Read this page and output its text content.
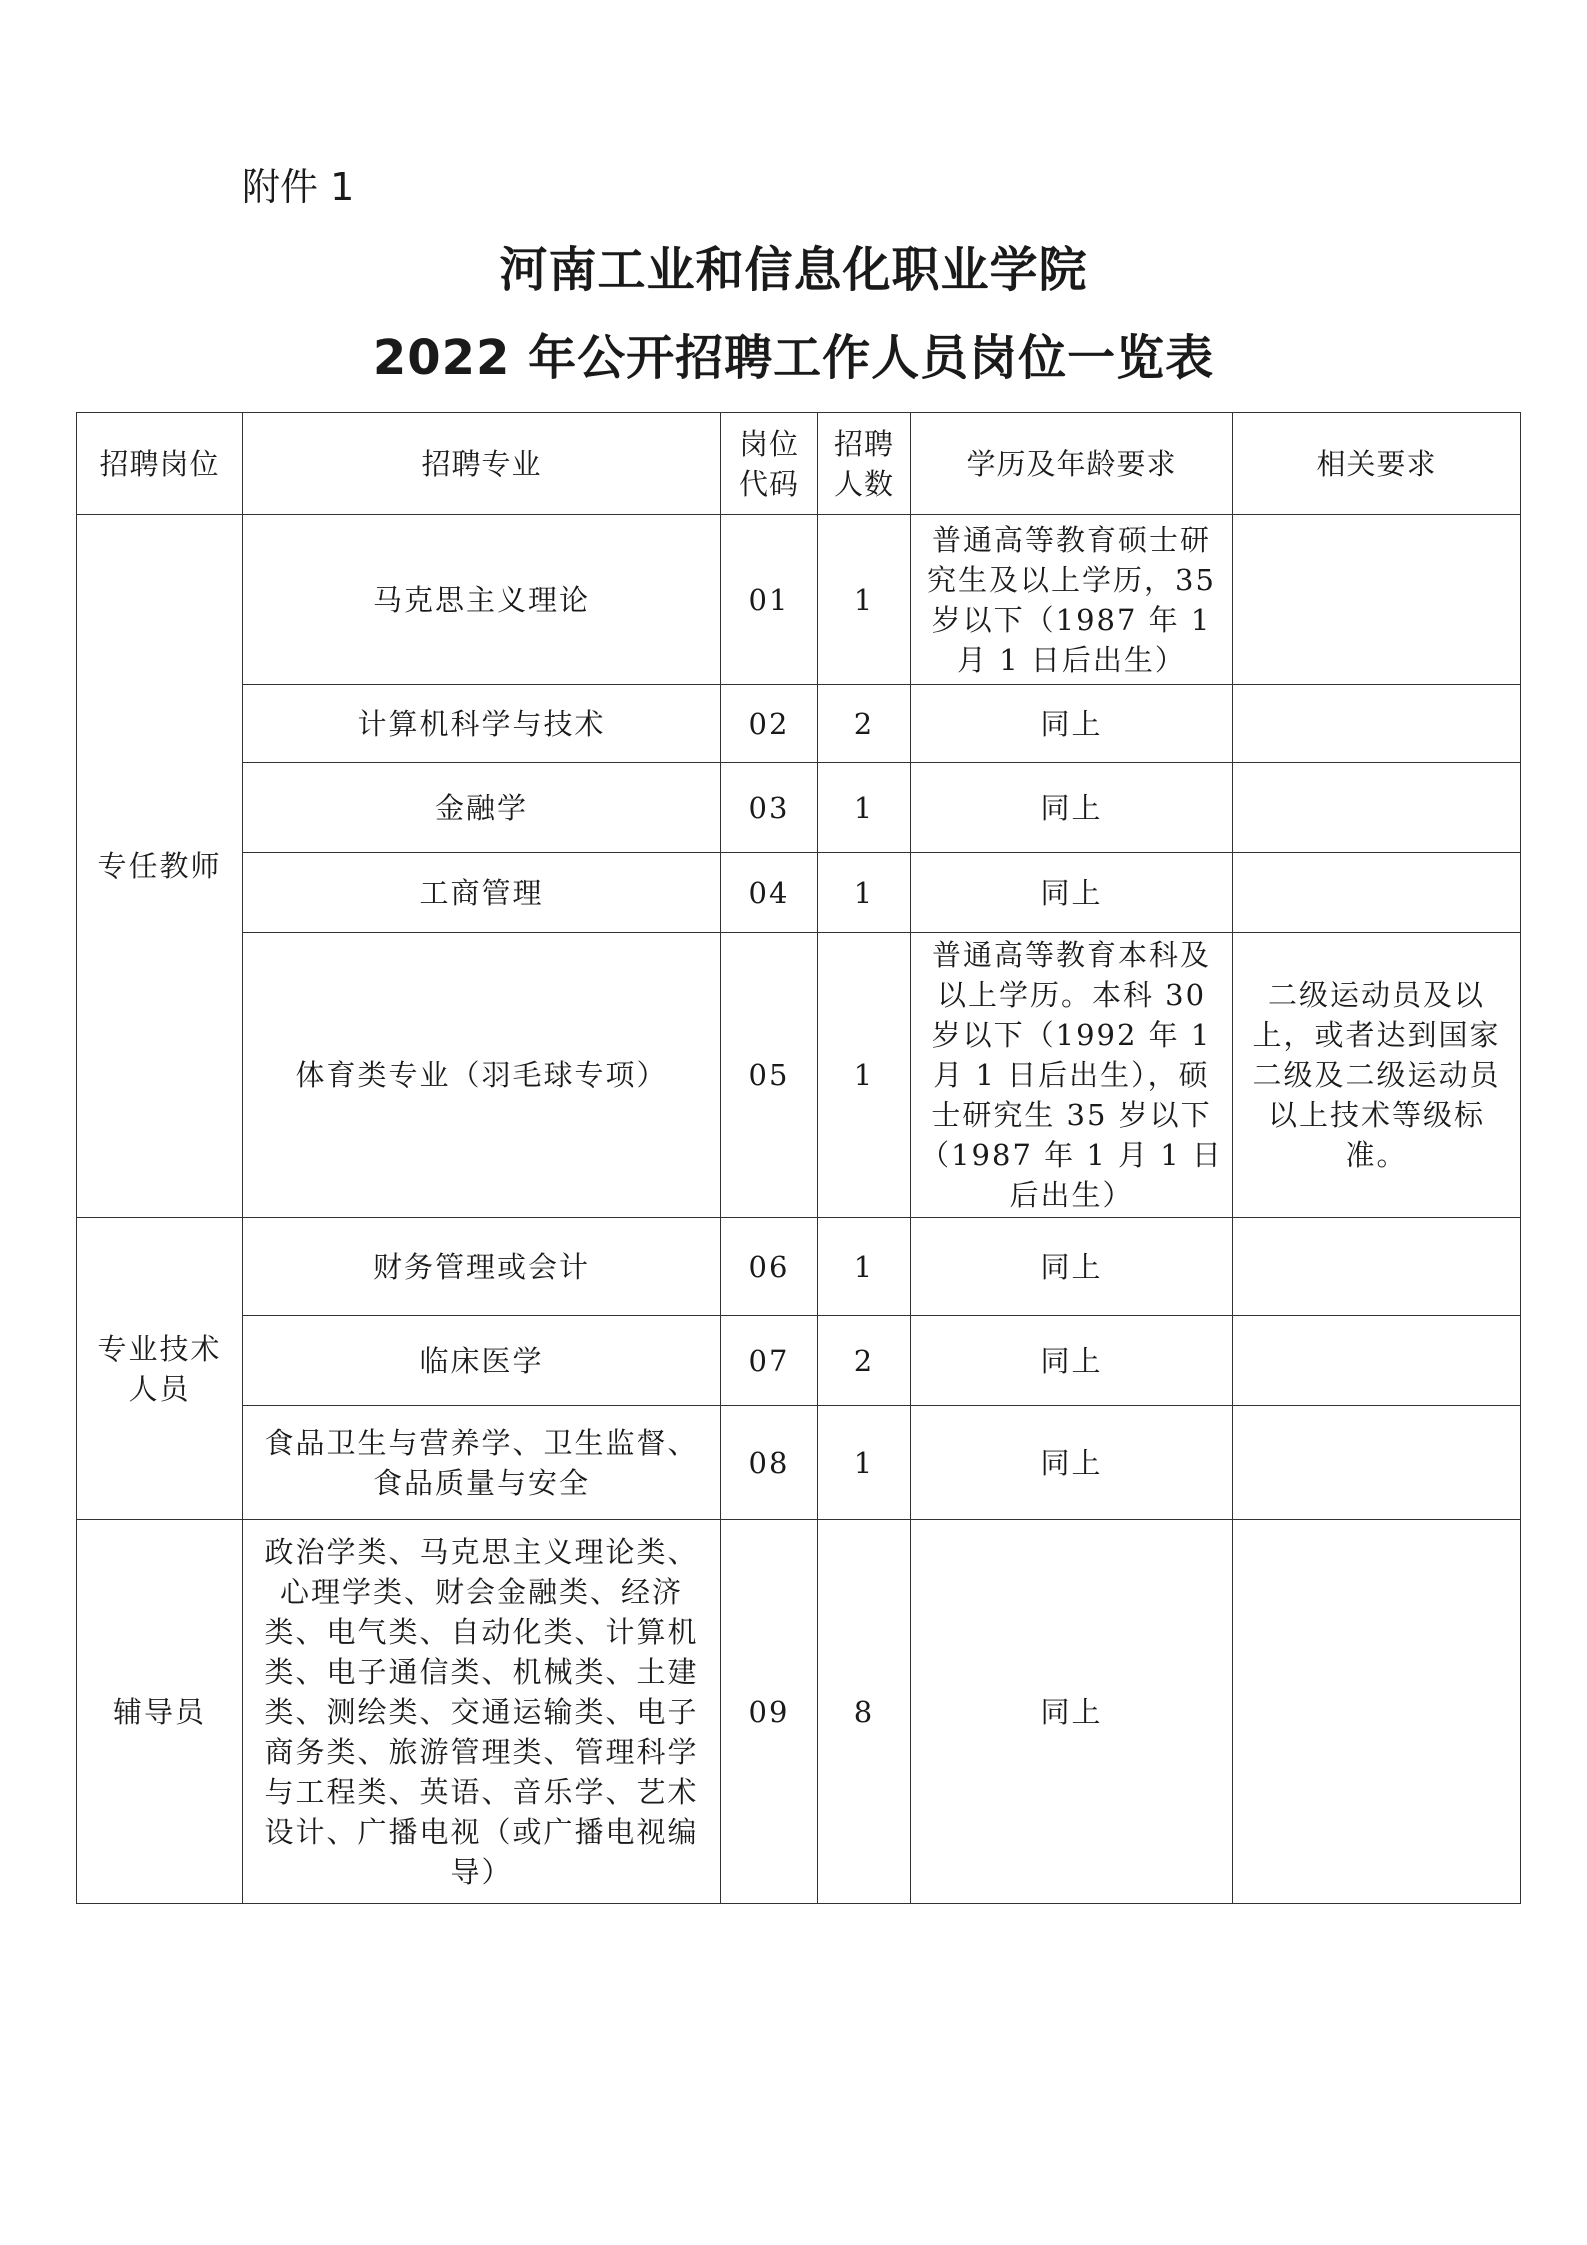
附件 1
河南工业和信息化职业学院
2022 年公开招聘工作人员岗位一览表
招聘岗位	招聘专业	岗位代码	招聘人数	学历及年龄要求	相关要求
专任教师	马克思主义理论	01	1	普通高等教育硕士研究生及以上学历，35 岁以下（1987 年 1 月 1 日后出生）	
	计算机科学与技术	02	2	同上	
	金融学	03	1	同上	
	工商管理	04	1	同上	
	体育类专业（羽毛球专项）	05	1	普通高等教育本科及以上学历。本科 30 岁以下（1992 年 1 月 1 日后出生），硕士研究生 35 岁以下（1987 年 1 月 1 日后出生）	二级运动员及以上，或者达到国家二级及二级运动员以上技术等级标准。
专业技术人员	财务管理或会计	06	1	同上	
	临床医学	07	2	同上	
	食品卫生与营养学、卫生监督、食品质量与安全	08	1	同上	
辅导员	政治学类、马克思主义理论类、心理学类、财会金融类、经济类、电气类、自动化类、计算机类、电子通信类、机械类、土建类、测绘类、交通运输类、电子商务类、旅游管理类、管理科学与工程类、英语、音乐学、艺术设计、广播电视（或广播电视编导）	09	8	同上	
